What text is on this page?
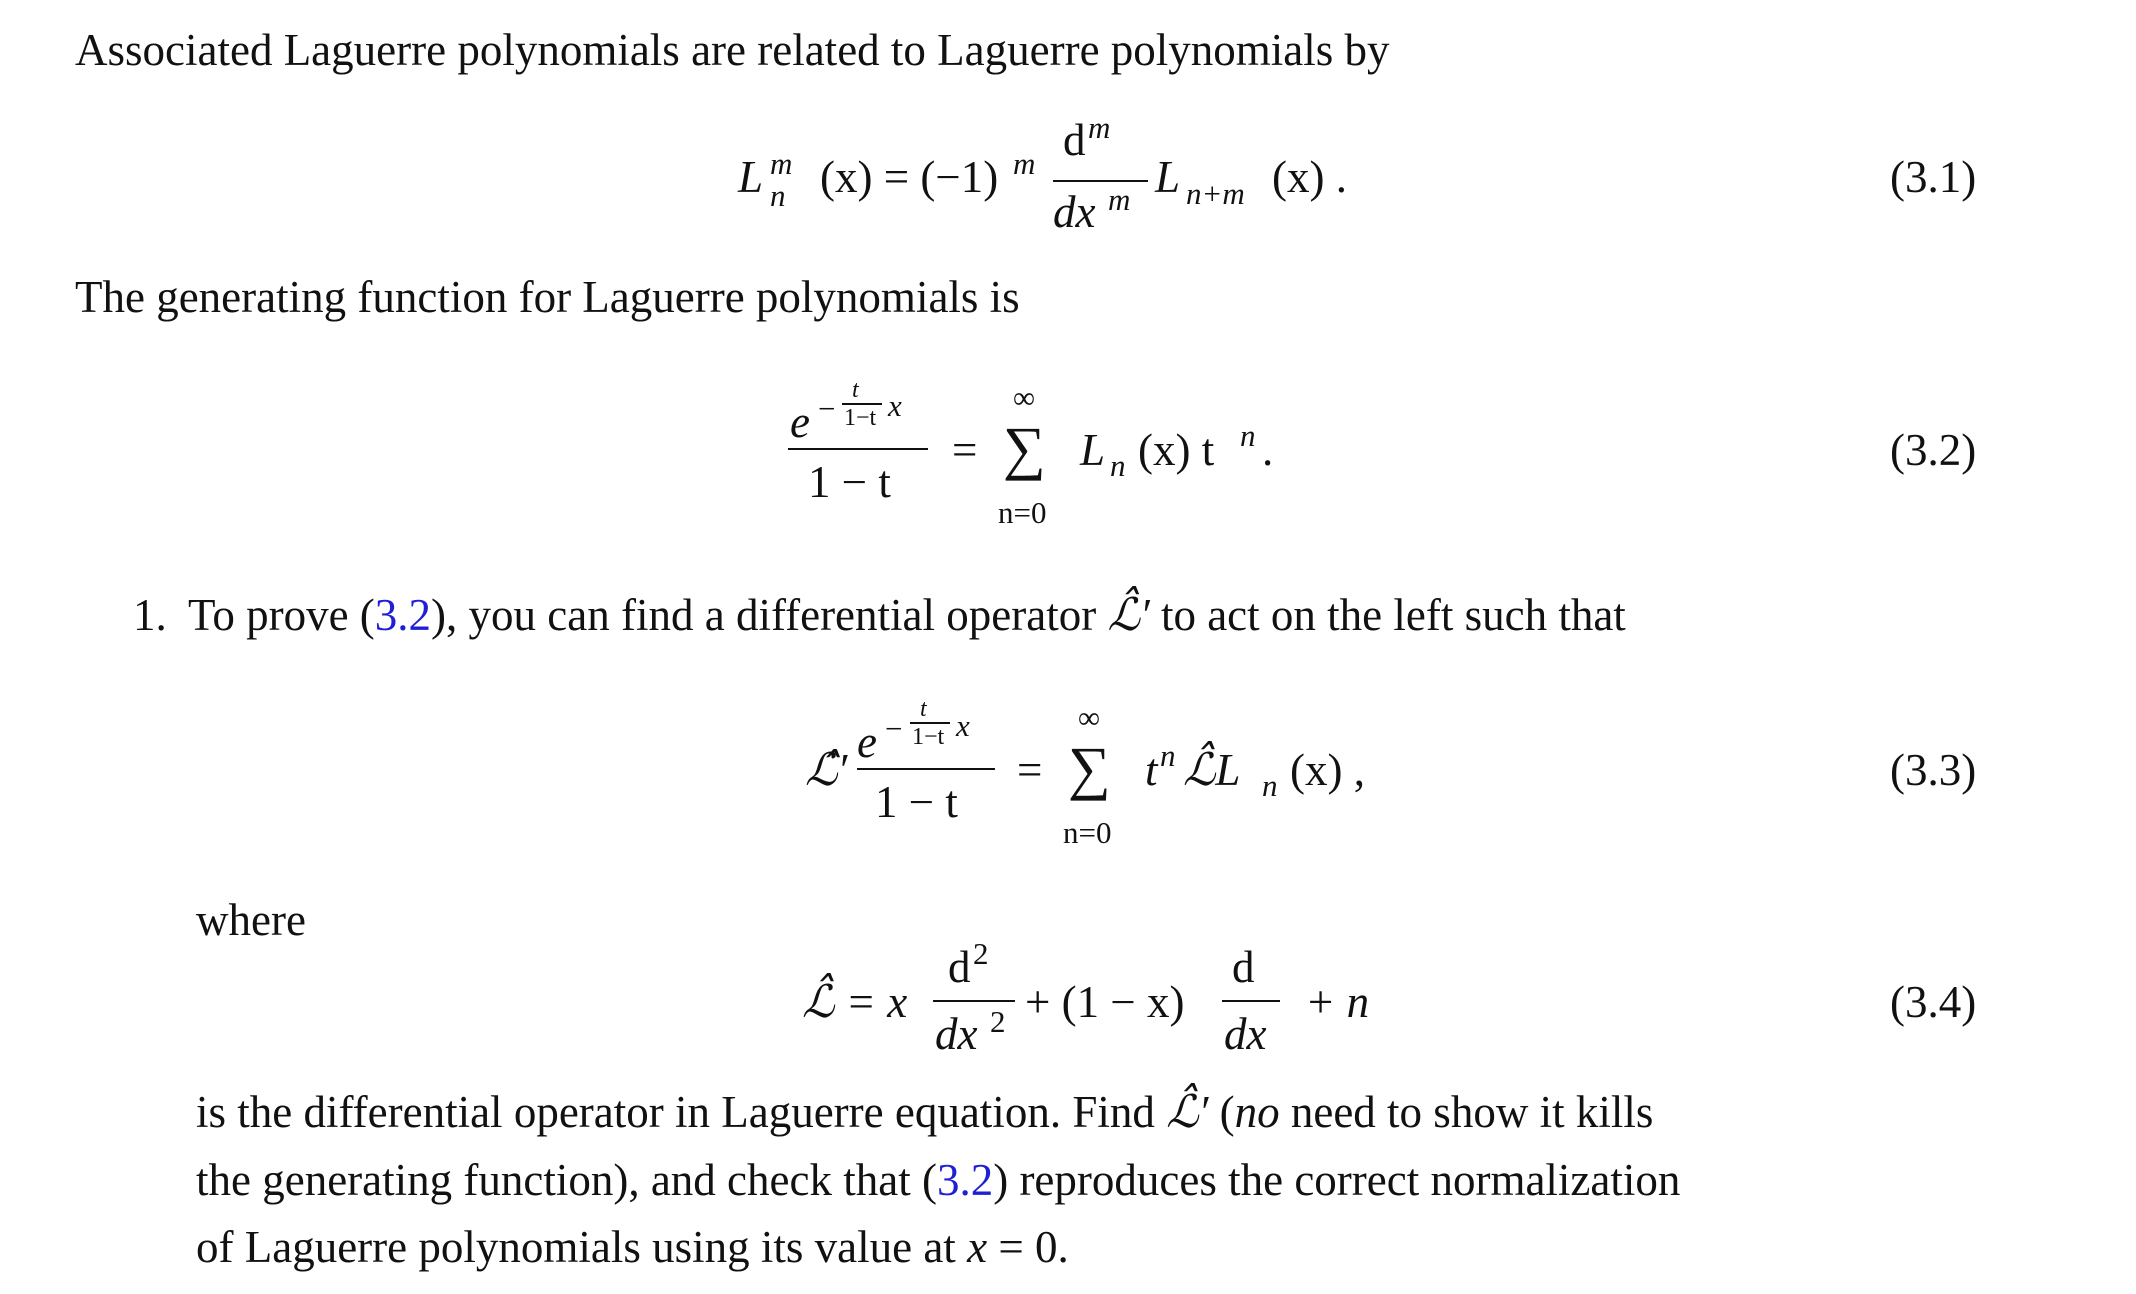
Associated Laguerre polynomials are related to Laguerre polynomials by
L m
n (x) = (−1) m d m
dx m L n+m (x) .	(3.1)
The generating function for Laguerre polynomials is
e −
t
1−t x
1 − t
=
∞
∑
n=0
L n (x) t n .	(3.2)
1. To prove (3.2), you can find a differential operator ℒ̂′ to act on the left such that
ℒ̂′
e −
t
1−t x
1 − t
=
∞
∑
n=0
t n ℒ̂L n (x) ,	(3.3)
where
ℒ̂ = x
d 2
dx 2 + (1 − x)
d
dx
+ n	(3.4)
is the differential operator in Laguerre equation. Find ℒ̂′ (no need to show it kills
the generating function), and check that (3.2) reproduces the correct normalization
of Laguerre polynomials using its value at x = 0.
